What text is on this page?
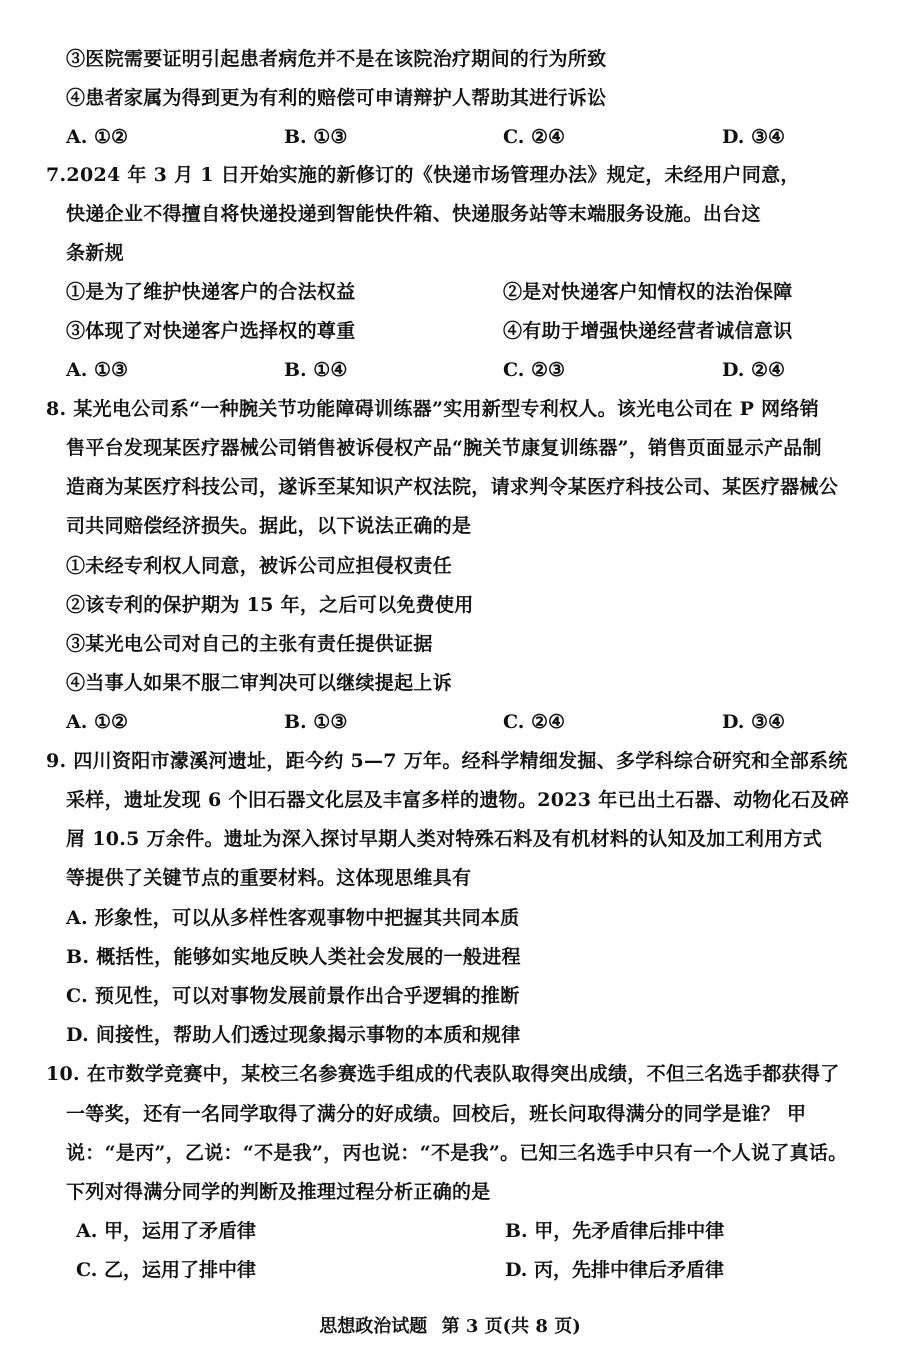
③医院需要证明引起患者病危并不是在该院治疗期间的行为所致
④患者家属为得到更为有利的赔偿可申请辩护人帮助其进行诉讼
A. ①②	B. ①③	C. ②④	D. ③④
7.2024 年 3 月 1 日开始实施的新修订的《快递市场管理办法》规定，未经用户同意，
快递企业不得擅自将快递投递到智能快件箱、快递服务站等末端服务设施。出台这
条新规
①是为了维护快递客户的合法权益	②是对快递客户知情权的法治保障
③体现了对快递客户选择权的尊重	④有助于增强快递经营者诚信意识
A. ①③	B. ①④	C. ②③	D. ②④
8. 某光电公司系“一种腕关节功能障碍训练器”实用新型专利权人。该光电公司在 P 网络销
售平台发现某医疗器械公司销售被诉侵权产品“腕关节康复训练器”，销售页面显示产品制
造商为某医疗科技公司，遂诉至某知识产权法院，请求判令某医疗科技公司、某医疗器械公
司共同赔偿经济损失。据此，以下说法正确的是
①未经专利权人同意，被诉公司应担侵权责任
②该专利的保护期为 15 年，之后可以免费使用
③某光电公司对自己的主张有责任提供证据
④当事人如果不服二审判决可以继续提起上诉
A. ①②	B. ①③	C. ②④	D. ③④
9. 四川资阳市濛溪河遗址，距今约 5—7 万年。经科学精细发掘、多学科综合研究和全部系统
采样，遗址发现 6 个旧石器文化层及丰富多样的遗物。2023 年已出土石器、动物化石及碎
屑 10.5 万余件。遗址为深入探讨早期人类对特殊石料及有机材料的认知及加工利用方式
等提供了关键节点的重要材料。这体现思维具有
A. 形象性，可以从多样性客观事物中把握其共同本质
B. 概括性，能够如实地反映人类社会发展的一般进程
C. 预见性，可以对事物发展前景作出合乎逻辑的推断
D. 间接性，帮助人们透过现象揭示事物的本质和规律
10. 在市数学竞赛中，某校三名参赛选手组成的代表队取得突出成绩，不但三名选手都获得了
一等奖，还有一名同学取得了满分的好成绩。回校后，班长问取得满分的同学是谁？ 甲
说：“是丙”，乙说：“不是我”，丙也说：“不是我”。已知三名选手中只有一个人说了真话。
下列对得满分同学的判断及推理过程分析正确的是
A. 甲，运用了矛盾律	B. 甲，先矛盾律后排中律
C. 乙，运用了排中律	D. 丙，先排中律后矛盾律
思想政治试题 第 3 页(共 8 页)
